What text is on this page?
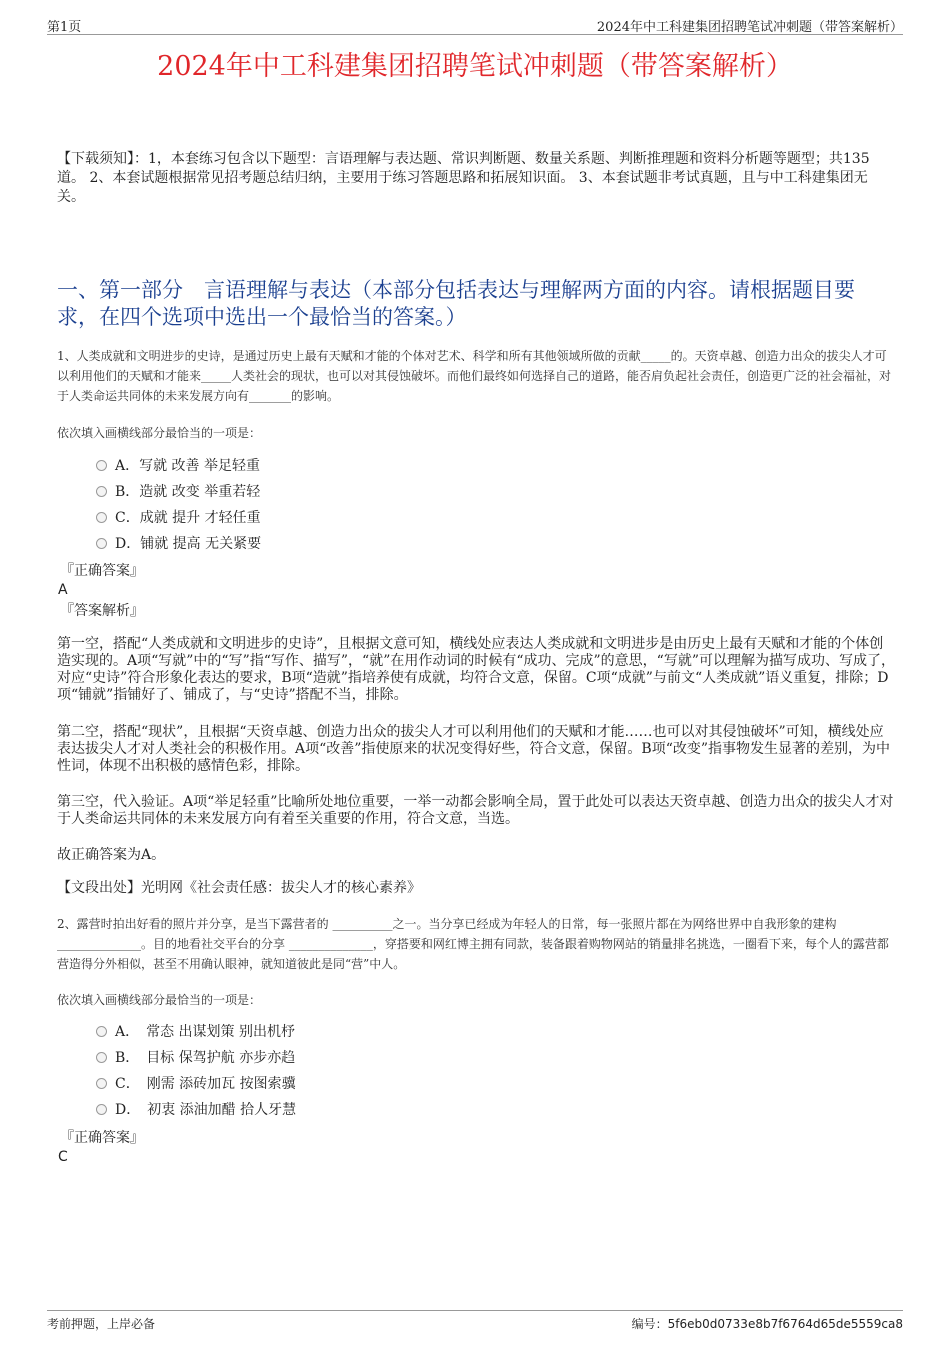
第1页	2024年中工科建集团招聘笔试冲刺题（带答案解析）
2024年中工科建集团招聘笔试冲刺题（带答案解析）
【下载须知】：1，本套练习包含以下题型：言语理解与表达题、常识判断题、数量关系题、判断推理题和资料分析题等题型；共135道。 2、本套试题根据常见招考题总结归纳，主要用于练习答题思路和拓展知识面。 3、本套试题非考试真题，且与中工科建集团无关。
一、第一部分　言语理解与表达（本部分包括表达与理解两方面的内容。请根据题目要求，在四个选项中选出一个最恰当的答案。）
1、人类成就和文明进步的史诗，是通过历史上最有天赋和才能的个体对艺术、科学和所有其他领域所做的贡献_____的。天资卓越、创造力出众的拔尖人才可以利用他们的天赋和才能来_____人类社会的现状，也可以对其侵蚀破坏。而他们最终如何选择自己的道路，能否肩负起社会责任，创造更广泛的社会福祉，对于人类命运共同体的未来发展方向有_______的影响。
依次填入画横线部分最恰当的一项是：
A．写就 改善 举足轻重
B．造就 改变 举重若轻
C．成就 提升 才轻任重
D．铺就 提高 无关紧要
『正确答案』
A
『答案解析』
第一空，搭配“人类成就和文明进步的史诗”，且根据文意可知，横线处应表达人类成就和文明进步是由历史上最有天赋和才能的个体创造实现的。A项“写就”中的“写”指“写作、描写”，“就”在用作动词的时候有“成功、完成”的意思，“写就”可以理解为描写成功、写成了，对应“史诗”符合形象化表达的要求，B项“造就”指培养使有成就，均符合文意，保留。C项“成就”与前文“人类成就”语义重复，排除；D项“铺就”指铺好了、铺成了，与“史诗”搭配不当，排除。
第二空，搭配“现状”，且根据“天资卓越、创造力出众的拔尖人才可以利用他们的天赋和才能……也可以对其侵蚀破坏”可知，横线处应表达拔尖人才对人类社会的积极作用。A项“改善”指使原来的状况变得好些，符合文意，保留。B项“改变”指事物发生显著的差别，为中性词，体现不出积极的感情色彩，排除。
第三空，代入验证。A项“举足轻重”比喻所处地位重要，一举一动都会影响全局，置于此处可以表达天资卓越、创造力出众的拔尖人才对于人类命运共同体的未来发展方向有着至关重要的作用，符合文意，当选。
故正确答案为A。
【文段出处】光明网《社会责任感：拔尖人才的核心素养》
2、露营时拍出好看的照片并分享，是当下露营者的 __________之一。当分享已经成为年轻人的日常，每一张照片都在为网络世界中自我形象的建构 ______________。目的地看社交平台的分享 ______________，穿搭要和网红博主拥有同款，装备跟着购物网站的销量排名挑选，一圈看下来，每个人的露营都营造得分外相似，甚至不用确认眼神，就知道彼此是同“营”中人。
依次填入画横线部分最恰当的一项是：
A．　常态 出谋划策 别出机杼
B．　目标 保驾护航 亦步亦趋
C．　刚需 添砖加瓦 按图索骥
D．　初衷 添油加醋 拾人牙慧
『正确答案』
C
考前押题，上岸必备	编号：5f6eb0d0733e8b7f6764d65de5559ca8
